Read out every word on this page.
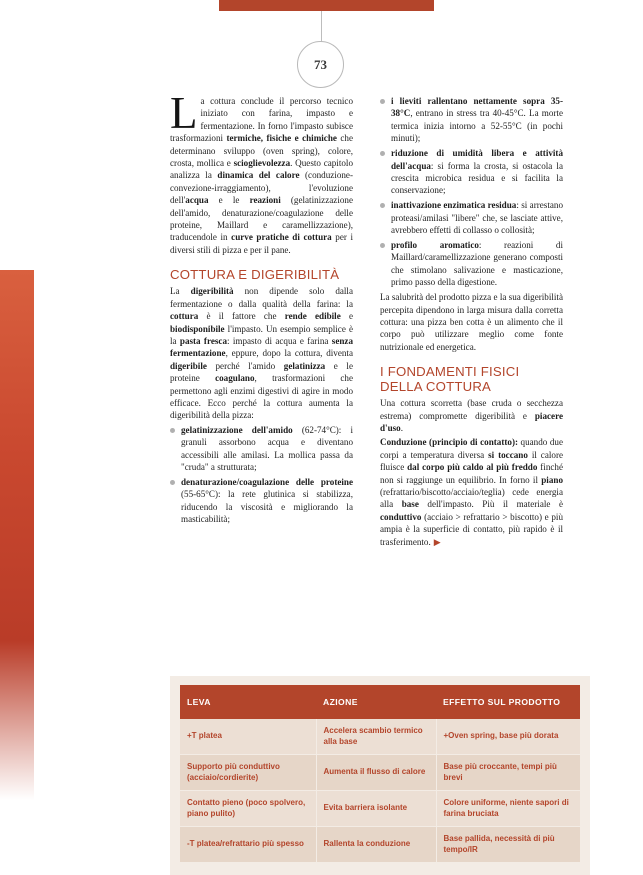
73

La cottura conclude il percorso tecnico iniziato con farina, impasto e fermentazione. In forno l'impasto subisce trasformazioni termiche, fisiche e chimiche che determinano sviluppo (oven spring), colore, crosta, mollica e scioglievolezza. Questo capitolo analizza la dinamica del calore (conduzione-convezione-irraggiamento), l'evoluzione dell'acqua e le reazioni (gelatinizzazione dell'amido, denaturazione/coagulazione delle proteine, Maillard e caramellizzazione), traducendole in curve pratiche di cottura per i diversi stili di pizza e per il pane.

COTTURA E DIGERIBILITÀ

La digeribilità non dipende solo dalla fermentazione o dalla qualità della farina: la cottura è il fattore che rende edibile e biodisponibile l'impasto. Un esempio semplice è la pasta fresca: impasto di acqua e farina senza fermentazione, eppure, dopo la cottura, diventa digeribile perché l'amido gelatinizza e le proteine coagulano, trasformazioni che permettono agli enzimi digestivi di agire in modo efficace. Ecco perché la cottura aumenta la digeribilità della pizza:

gelatinizzazione dell'amido (62-74°C): i granuli assorbono acqua e diventano accessibili alle amilasi. La mollica passa da "cruda" a strutturata;
denaturazione/coagulazione delle proteine (55-65°C): la rete glutinica si stabilizza, riducendo la viscosità e migliorando la masticabilità;
i lieviti rallentano nettamente sopra 35-38°C, entrano in stress tra 40-45°C. La morte termica inizia intorno a 52-55°C (in pochi minuti);
riduzione di umidità libera e attività dell'acqua: si forma la crosta, si ostacola la crescita microbica residua e si facilita la conservazione;
inattivazione enzimatica residua: si arrestano proteasi/amilasi "libere" che, se lasciate attive, avrebbero effetti di collasso o collosità;
profilo aromatico: reazioni di Maillard/caramellizzazione generano composti che stimolano salivazione e masticazione, primo passo della digestione.

La salubrità del prodotto pizza e la sua digeribilità percepita dipendono in larga misura dalla corretta cottura: una pizza ben cotta è un alimento che il corpo può utilizzare meglio come fonte nutrizionale ed energetica.

I FONDAMENTI FISICI
DELLA COTTURA

Una cottura scorretta (base cruda o secchezza estrema) compromette digeribilità e piacere d'uso.

Conduzione (principio di contatto): quando due corpi a temperatura diversa si toccano il calore fluisce dal corpo più caldo al più freddo finché non si raggiunge un equilibrio. In forno il piano (refrattario/biscotto/acciaio/teglia) cede energia alla base dell'impasto. Più il materiale è conduttivo (acciaio > refrattario > biscotto) e più ampia è la superficie di contatto, più rapido è il trasferimento. ▶

LEVA	AZIONE	EFFETTO SUL PRODOTTO
+T platea	Accelera scambio termico alla base	+Oven spring, base più dorata
Supporto più conduttivo (acciaio/cordierite)	Aumenta il flusso di calore	Base più croccante, tempi più brevi
Contatto pieno (poco spolvero, piano pulito)	Evita barriera isolante	Colore uniforme, niente sapori di farina bruciata
-T platea/refrattario più spesso	Rallenta la conduzione	Base pallida, necessità di più tempo/IR
